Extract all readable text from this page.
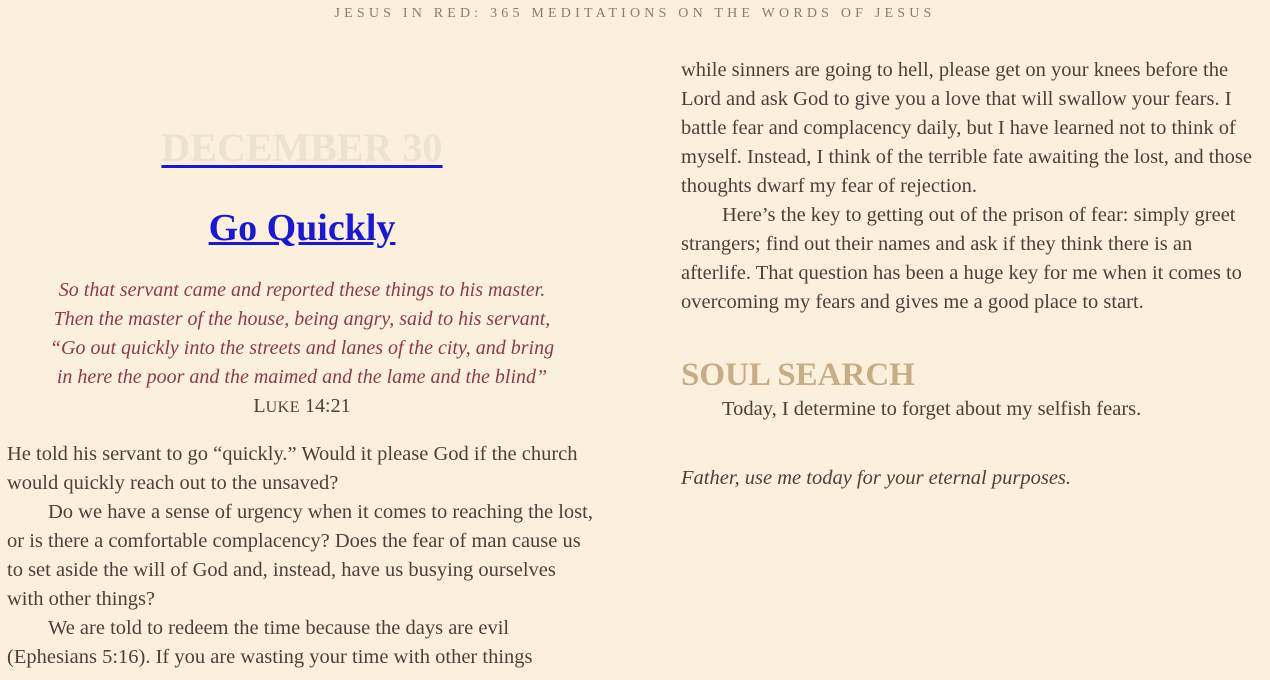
JESUS IN RED: 365 MEDITATIONS ON THE WORDS OF JESUS
DECEMBER 30
Go Quickly
So that servant came and reported these things to his master.
Then the master of the house, being angry, said to his servant,
“Go out quickly into the streets and lanes of the city, and bring
in here the poor and the maimed and the lame and the blind”
LUKE 14:21

He told his servant to go “quickly.” Would it please God if the church would quickly reach out to the unsaved?

Do we have a sense of urgency when it comes to reaching the lost, or is there a comfortable complacency? Does the fear of man cause us to set aside the will of God and, instead, have us busying ourselves with other things?

We are told to redeem the time because the days are evil (Ephesians 5:16). If you are wasting your time with other things

while sinners are going to hell, please get on your knees before the Lord and ask God to give you a love that will swallow your fears. I battle fear and complacency daily, but I have learned not to think of myself. Instead, I think of the terrible fate awaiting the lost, and those thoughts dwarf my fear of rejection.

Here’s the key to getting out of the prison of fear: simply greet strangers; find out their names and ask if they think there is an afterlife. That question has been a huge key for me when it comes to overcoming my fears and gives me a good place to start.

SOUL SEARCH

Today, I determine to forget about my selfish fears.

Father, use me today for your eternal purposes.
